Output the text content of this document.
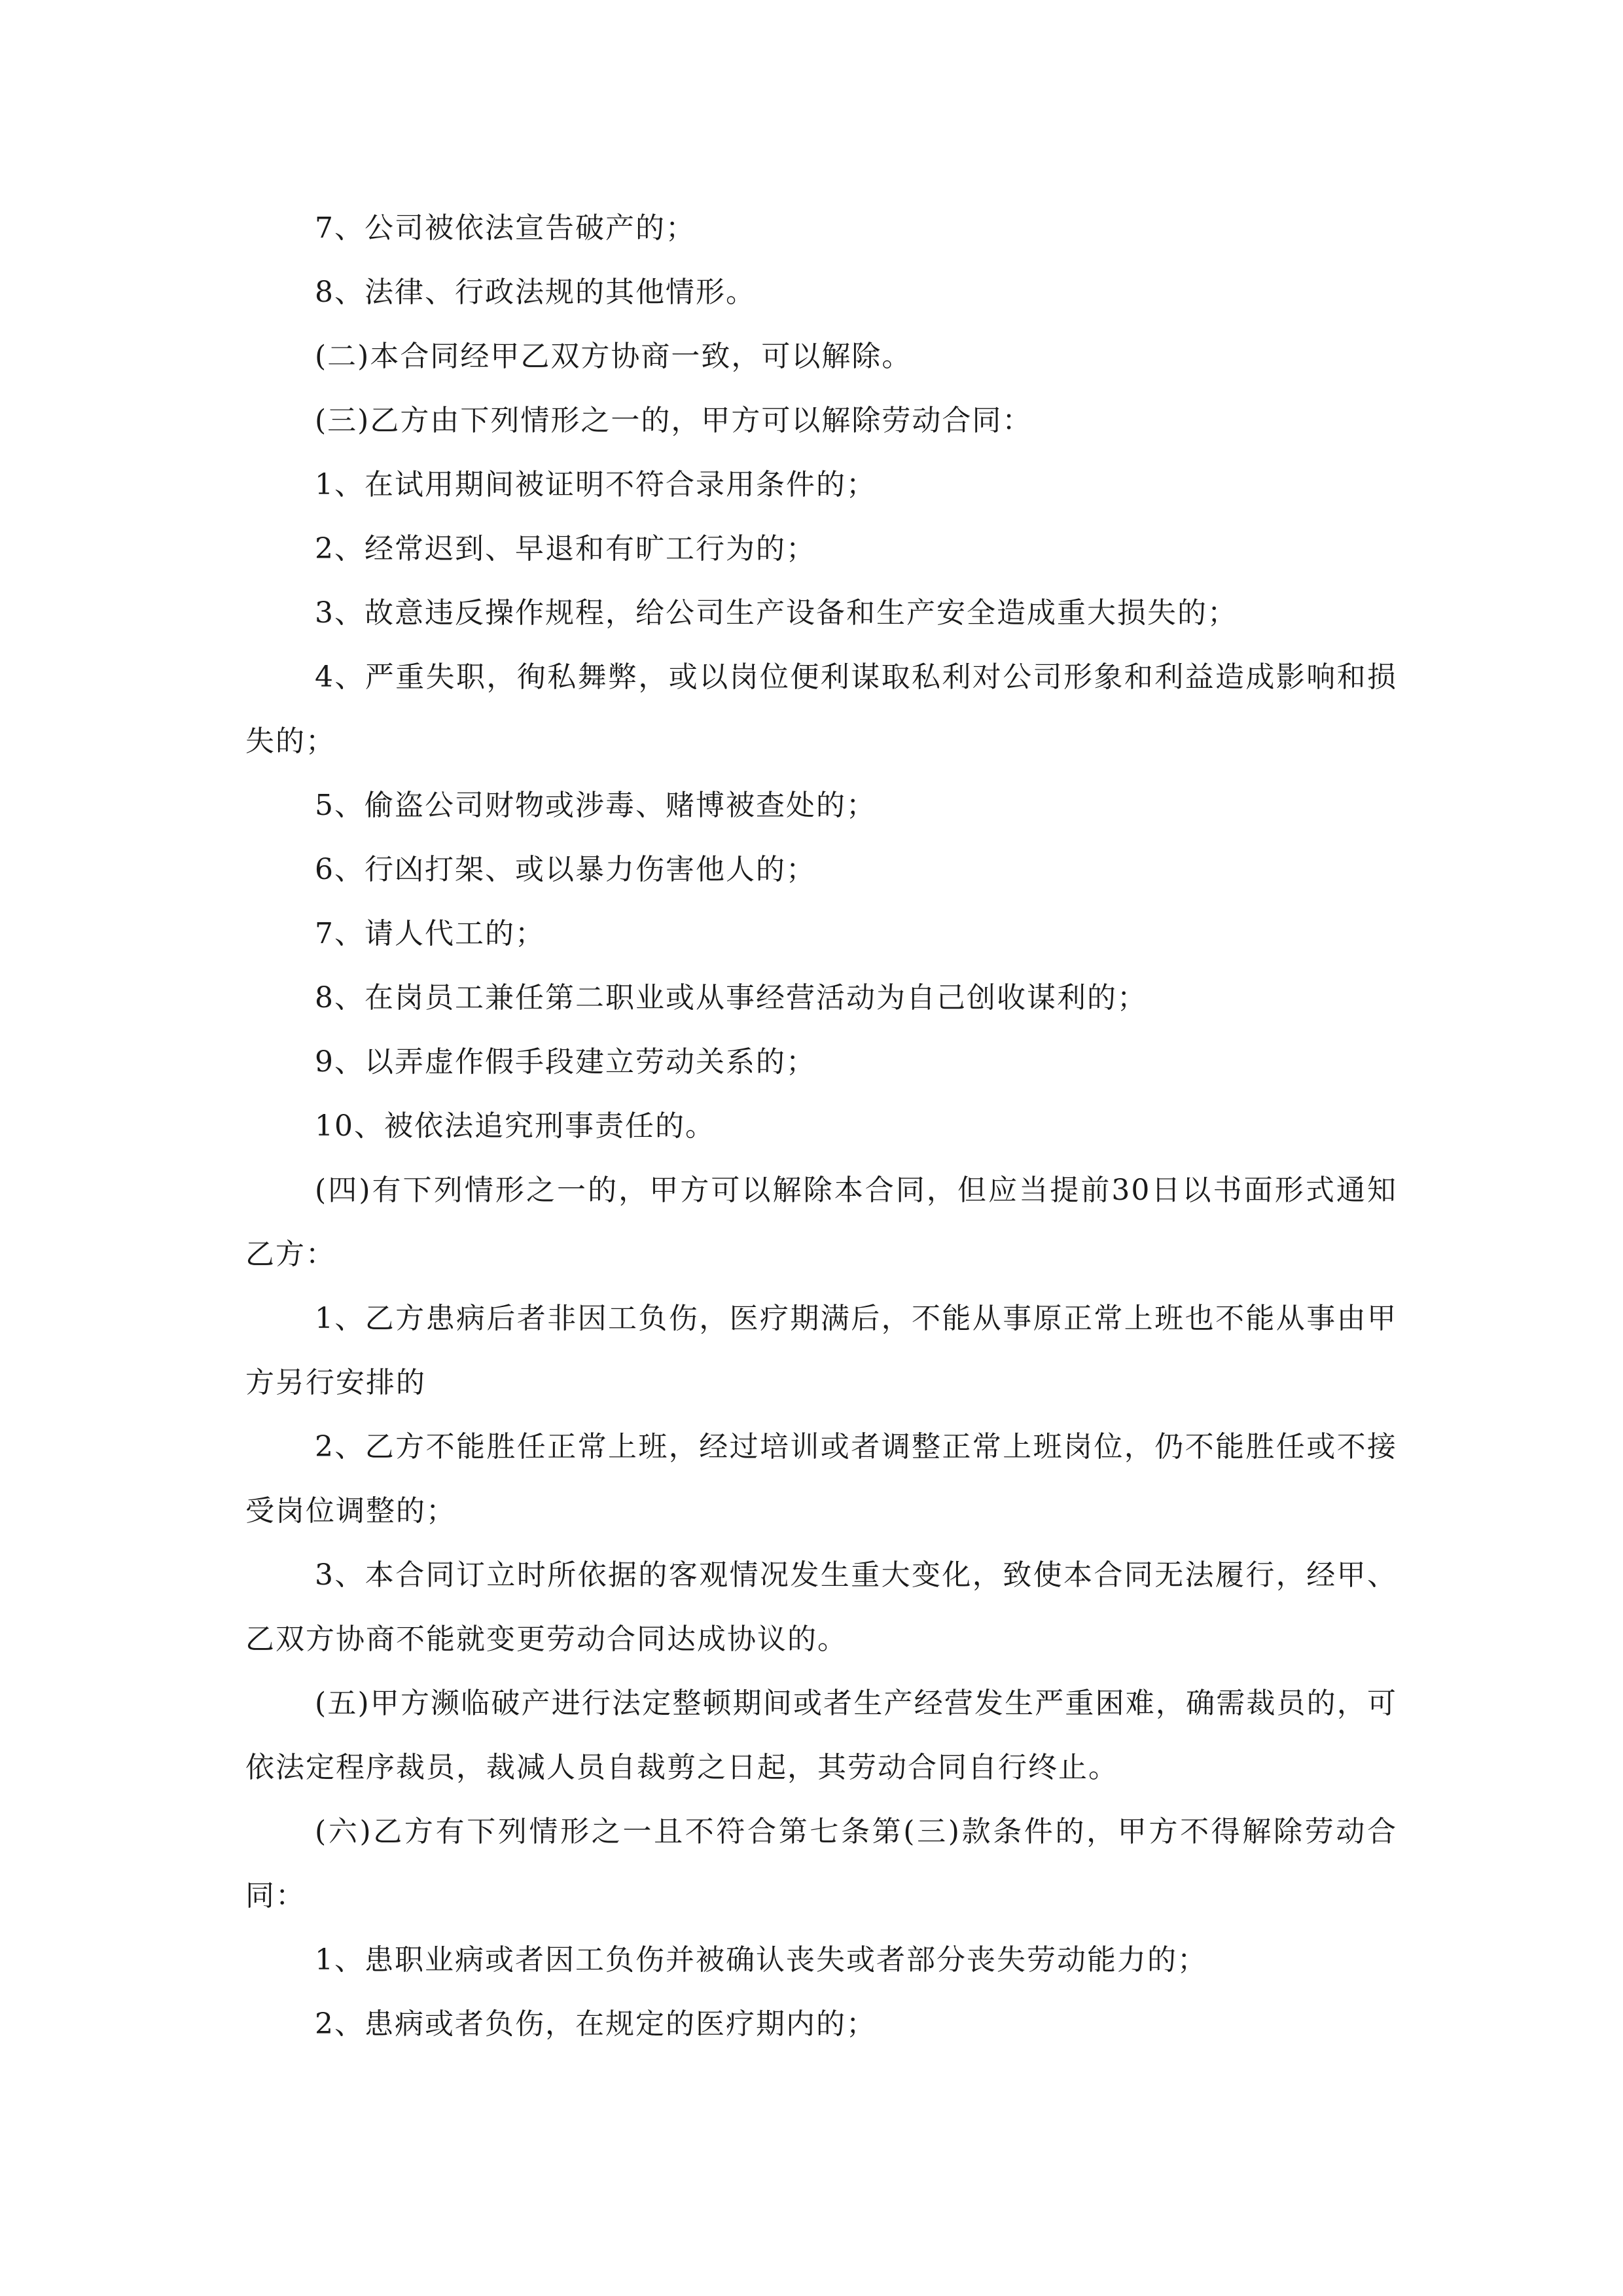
7、公司被依法宣告破产的；

8、法律、行政法规的其他情形。

(二)本合同经甲乙双方协商一致，可以解除。

(三)乙方由下列情形之一的，甲方可以解除劳动合同：

1、在试用期间被证明不符合录用条件的；

2、经常迟到、早退和有旷工行为的；

3、故意违反操作规程，给公司生产设备和生产安全造成重大损失的；

4、严重失职，徇私舞弊，或以岗位便利谋取私利对公司形象和利益造成影响和损失的；

5、偷盗公司财物或涉毒、赌博被查处的；

6、行凶打架、或以暴力伤害他人的；

7、请人代工的；

8、在岗员工兼任第二职业或从事经营活动为自己创收谋利的；

9、以弄虚作假手段建立劳动关系的；

10、被依法追究刑事责任的。

(四)有下列情形之一的，甲方可以解除本合同，但应当提前30日以书面形式通知乙方：

1、乙方患病后者非因工负伤，医疗期满后，不能从事原正常上班也不能从事由甲方另行安排的

2、乙方不能胜任正常上班，经过培训或者调整正常上班岗位，仍不能胜任或不接受岗位调整的；

3、本合同订立时所依据的客观情况发生重大变化，致使本合同无法履行，经甲、乙双方协商不能就变更劳动合同达成协议的。

(五)甲方濒临破产进行法定整顿期间或者生产经营发生严重困难，确需裁员的，可依法定程序裁员，裁减人员自裁剪之日起，其劳动合同自行终止。

(六)乙方有下列情形之一且不符合第七条第(三)款条件的，甲方不得解除劳动合同：

1、患职业病或者因工负伤并被确认丧失或者部分丧失劳动能力的；

2、患病或者负伤，在规定的医疗期内的；
